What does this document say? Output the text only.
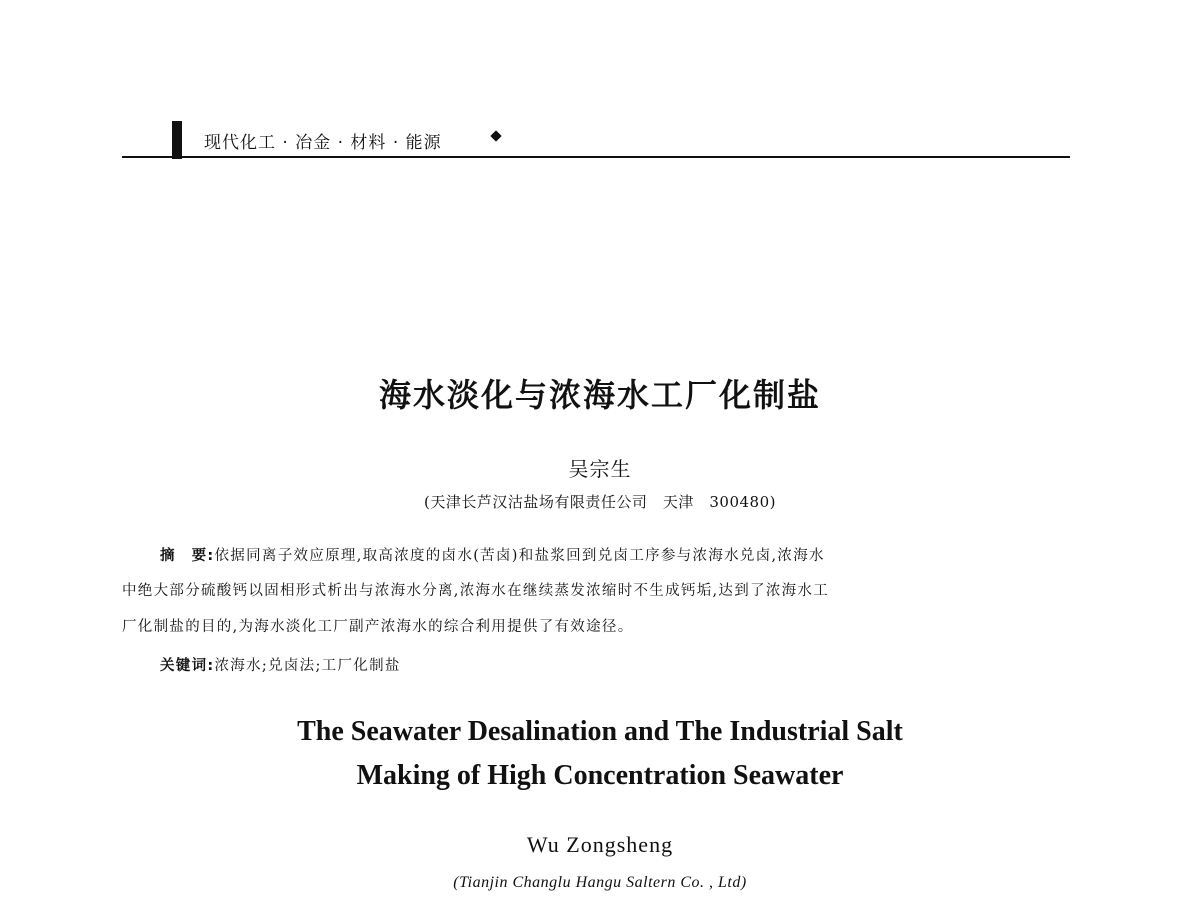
现代化工 · 冶金 · 材料 · 能源
海水淡化与浓海水工厂化制盐
吴宗生
(天津长芦汉沽盐场有限责任公司　天津　300480)
摘　要:依据同离子效应原理,取高浓度的卤水(苦卤)和盐浆回到兑卤工序参与浓海水兑卤,浓海水
中绝大部分硫酸钙以固相形式析出与浓海水分离,浓海水在继续蒸发浓缩时不生成钙垢,达到了浓海水工
厂化制盐的目的,为海水淡化工厂副产浓海水的综合利用提供了有效途径。
关键词:浓海水;兑卤法;工厂化制盐
The Seawater Desalination and The Industrial Salt
Making of High Concentration Seawater
Wu Zongsheng
(Tianjin Changlu Hangu Saltern Co. , Ltd)
